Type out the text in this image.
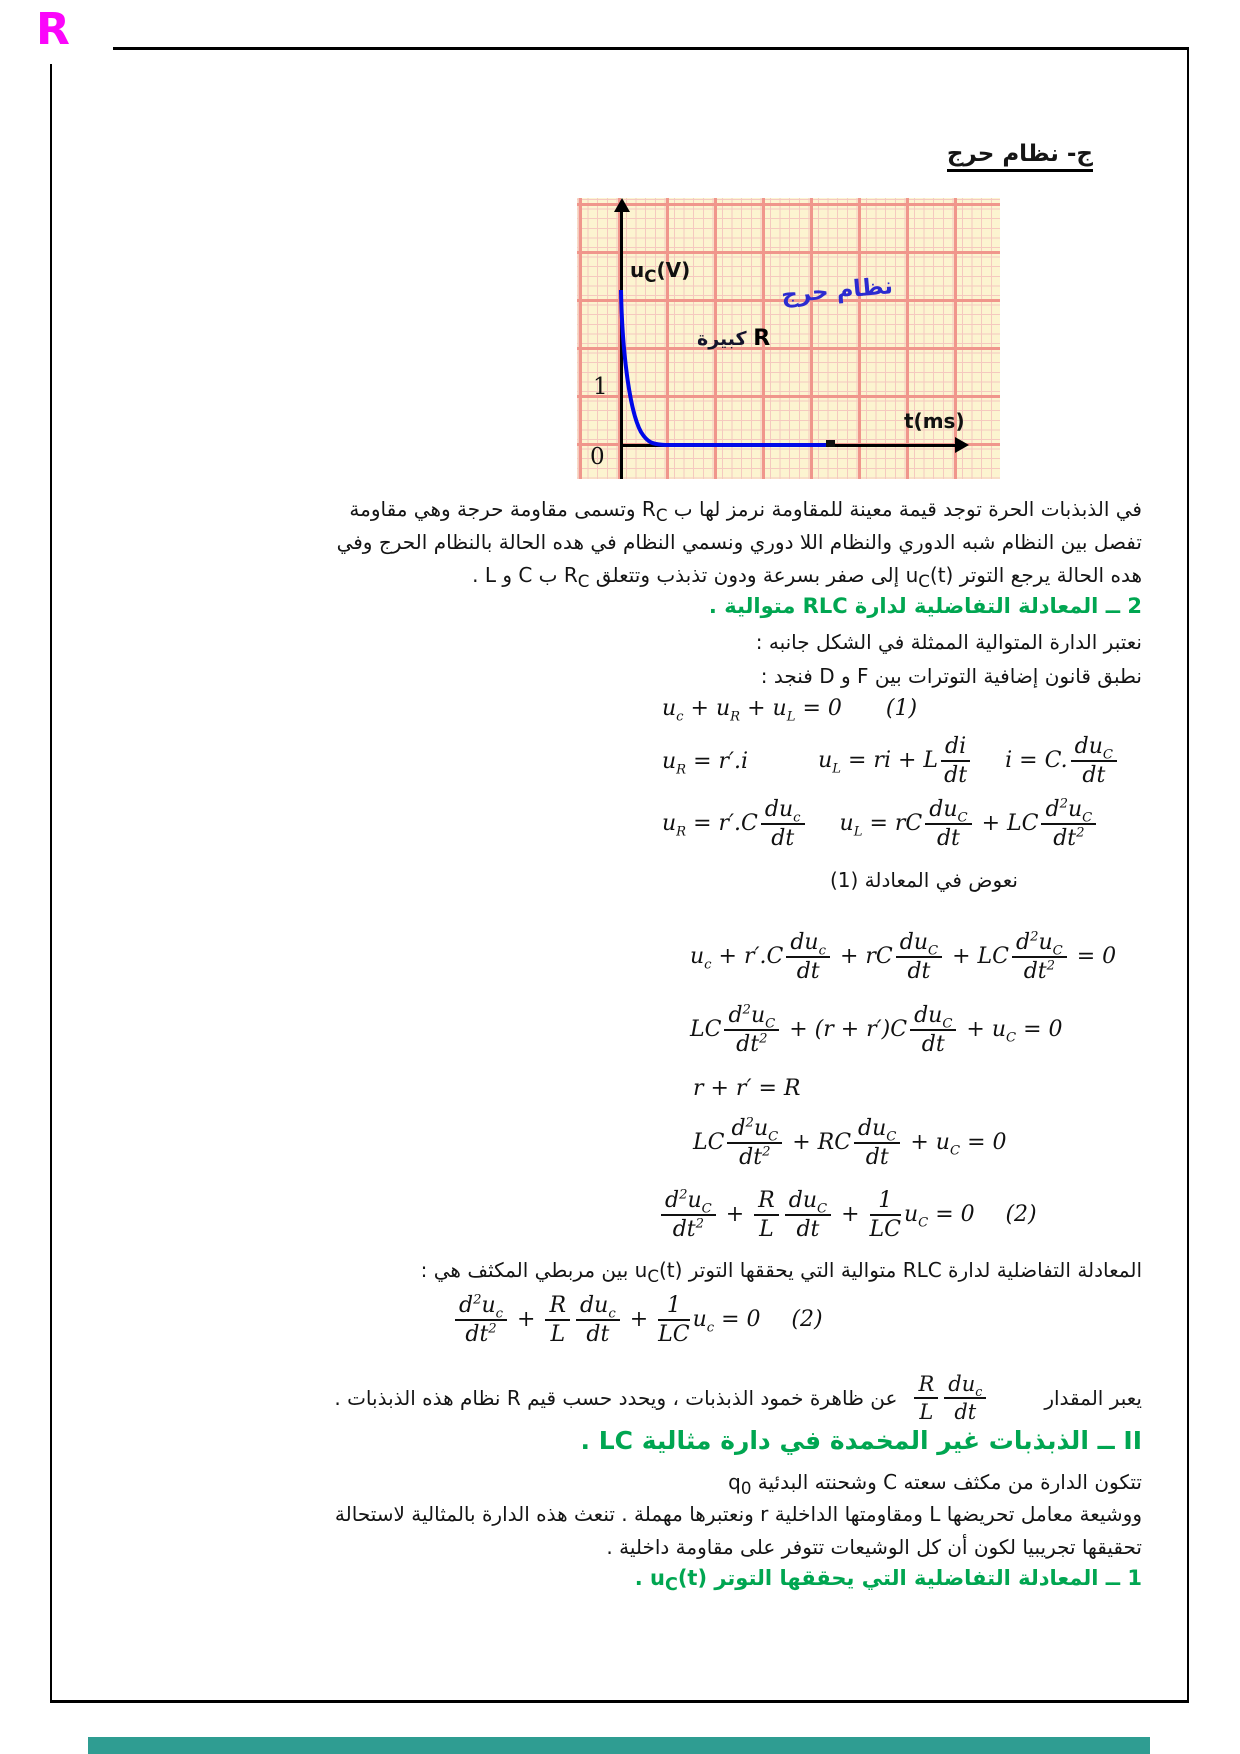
R
ج- نظام حرج
$u_C(V)$
نظام حرج
R كبيرة
1
0
t(ms)
في الذبذبات الحرة توجد قيمة معينة للمقاومة نرمز لها ب $R_C$ وتسمى مقاومة حرجة وهي مقاومة
تفصل بين النظام شبه الدوري والنظام اللا دوري ونسمي النظام في هده الحالة بالنظام الحرج وفي
هده الحالة يرجع التوتر $u_C(t)$ إلى صفر بسرعة ودون تذبذب وتتعلق $R_C$ ب C و L .
2 ــ المعادلة التفاضلية لدارة RLC متوالية .
نعتبر الدارة المتوالية الممثلة في الشكل جانبه :
نطبق قانون إضافية التوترات بين F و D فنجد :
$u_c + u_R + u_L = 0$ (1)
$u_R = r'.i$	$u_L$ = ri + L $\frac{di}{dt}$ i = C. $\frac{du_C}{dt}$
$u_R = r'.C \frac{du_c}{dt} u_L$ = rC $\frac{du_C}{dt}$ + LC $\frac{d^2u_C}{dt^2}$
نعوض في المعادلة (1)
$u_c + r'.C \frac{du_c}{dt}$ + rC $\frac{du_C}{dt}$ + LC $\frac{d^2u_C}{dt^2} = 0$
LC $\frac{d^2u_C}{dt^2} + (r + r')C \frac{du_C}{dt} + u_C = 0$
r + r′ = R
LC $\frac{d^2u_C}{dt^2}$ + RC $\frac{du_C}{dt} + u_C = 0$
$\frac{d^2u_C}{dt^2} + \frac{R}{L} \frac{du_C}{dt} + \frac{1}{LC} u_C = 0$ (2)
المعادلة التفاضلية لدارة RLC متوالية التي يحققها التوتر $u_C(t)$ بين مربطي المكثف هي :
$\frac{d^2u_c}{dt^2} + \frac{R}{L} \frac{du_c}{dt} + \frac{1}{LC} u_c = 0$ (2)
يعبر المقدار
$\frac{R}{L} \frac{du_c}{dt}$
عن ظاهرة خمود الذبذبات ، ويحدد حسب قيم R نظام هذه الذبذبات .
II ــ الذبذبات غير المخمدة في دارة مثالية LC .
تتكون الدارة من مكثف سعته C وشحنته البدئية $q_0$
ووشيعة معامل تحريضها L ومقاومتها الداخلية r ونعتبرها مهملة . تنعث هذه الدارة بالمثالية لاستحالة
تحقيقها تجريبيا لكون أن كل الوشيعات تتوفر على مقاومة داخلية .
1 ــ المعادلة التفاضلية التي يحققها التوتر $u_C(t)$ .
